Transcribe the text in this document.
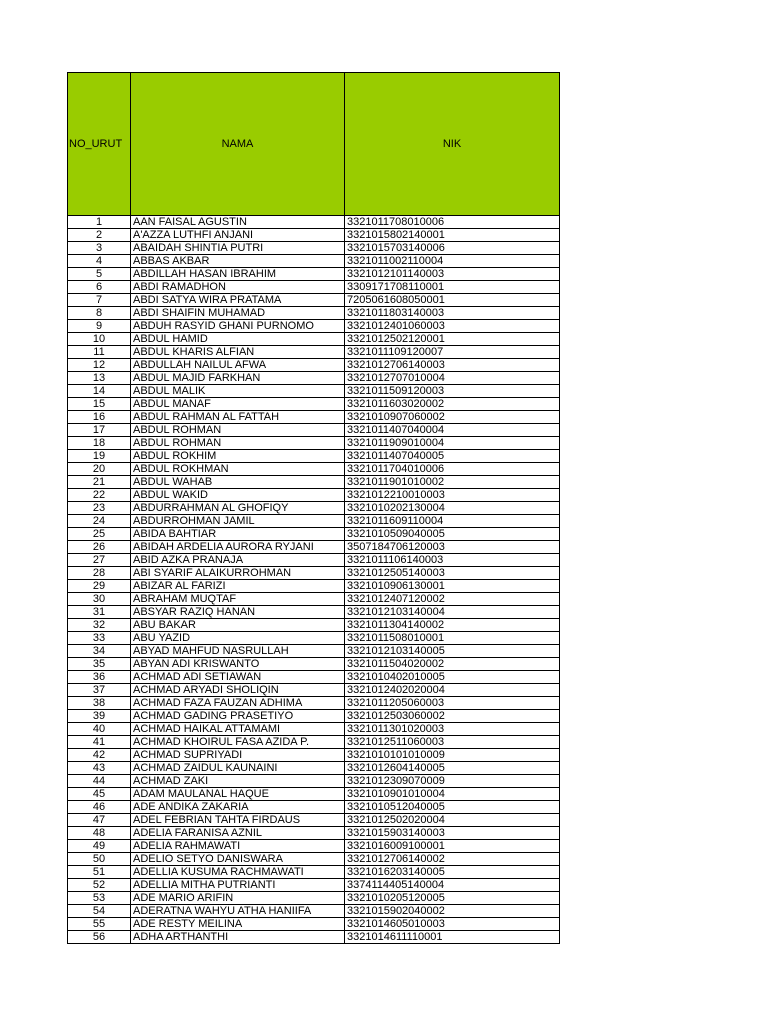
NO_URUT	NAMA	NIK
1	AAN FAISAL AGUSTIN	3321011708010006
2	A'AZZA LUTHFI ANJANI	3321015802140001
3	ABAIDAH SHINTIA PUTRI	3321015703140006
4	ABBAS AKBAR	3321011002110004
5	ABDILLAH HASAN IBRAHIM	3321012101140003
6	ABDI RAMADHON	3309171708110001
7	ABDI SATYA WIRA PRATAMA	7205061608050001
8	ABDI SHAIFIN MUHAMAD	3321011803140003
9	ABDUH RASYID GHANI PURNOMO	3321012401060003
10	ABDUL HAMID	3321012502120001
11	ABDUL KHARIS ALFIAN	3321011109120007
12	ABDULLAH NAILUL AFWA	3321012706140003
13	ABDUL MAJID FARKHAN	3321012707010004
14	ABDUL MALIK	3321011509120003
15	ABDUL MANAF	3321011603020002
16	ABDUL RAHMAN AL FATTAH	3321010907060002
17	ABDUL ROHMAN	3321011407040004
18	ABDUL ROHMAN	3321011909010004
19	ABDUL ROKHIM	3321011407040005
20	ABDUL ROKHMAN	3321011704010006
21	ABDUL WAHAB	3321011901010002
22	ABDUL WAKID	3321012210010003
23	ABDURRAHMAN AL GHOFIQY	3321010202130004
24	ABDURROHMAN JAMIL	3321011609110004
25	ABIDA BAHTIAR	3321010509040005
26	ABIDAH ARDELIA AURORA RYJANI	3507184706120003
27	ABID AZKA PRANAJA	3321011106140003
28	ABI SYARIF ALAIKURROHMAN	3321012505140003
29	ABIZAR AL FARIZI	3321010906130001
30	ABRAHAM MUQTAF	3321012407120002
31	ABSYAR RAZIQ HANAN	3321012103140004
32	ABU BAKAR	3321011304140002
33	ABU YAZID	3321011508010001
34	ABYAD MAHFUD NASRULLAH	3321012103140005
35	ABYAN ADI KRISWANTO	3321011504020002
36	ACHMAD ADI SETIAWAN	3321010402010005
37	ACHMAD ARYADI SHOLIQIN	3321012402020004
38	ACHMAD FAZA FAUZAN ADHIMA	3321011205060003
39	ACHMAD GADING PRASETIYO	3321012503060002
40	ACHMAD HAIKAL ATTAMAMI	3321011301020003
41	ACHMAD KHOIRUL FASA AZIDA P.	3321012511060003
42	ACHMAD SUPRIYADI	3321010101010009
43	ACHMAD ZAIDUL KAUNAINI	3321012604140005
44	ACHMAD ZAKI	3321012309070009
45	ADAM MAULANAL HAQUE	3321010901010004
46	ADE ANDIKA ZAKARIA	3321010512040005
47	ADEL FEBRIAN TAHTA FIRDAUS	3321012502020004
48	ADELIA FARANISA AZNIL	3321015903140003
49	ADELIA RAHMAWATI	3321016009100001
50	ADELIO SETYO DANISWARA	3321012706140002
51	ADELLIA KUSUMA RACHMAWATI	3321016203140005
52	ADELLIA MITHA PUTRIANTI	3374114405140004
53	ADE MARIO ARIFIN	3321010205120005
54	ADERATNA WAHYU ATHA HANIIFA	3321015902040002
55	ADE RESTY MEILINA	3321014605010003
56	ADHA ARTHANTHI	3321014611110001
